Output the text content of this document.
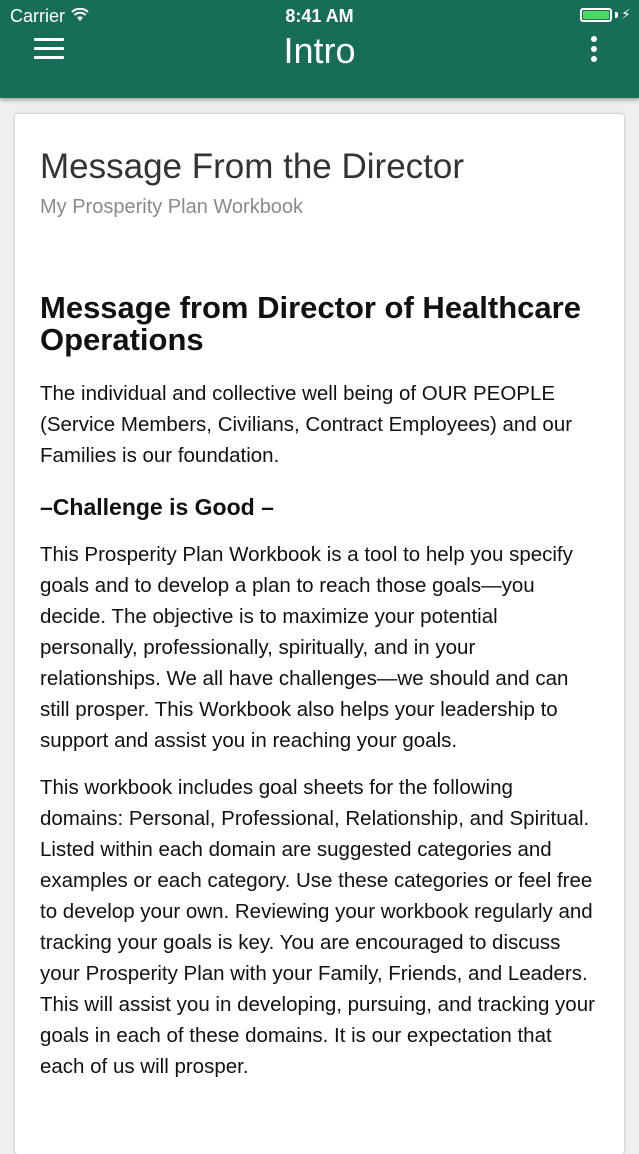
Carrier	8:41 AM	⚡︎
Intro
Message From the Director
My Prosperity Plan Workbook
Message from Director of Healthcare Operations

The individual and collective well being of OUR PEOPLE (Service Members, Civilians, Contract Employees) and our Families is our foundation.

–Challenge is Good –

This Prosperity Plan Workbook is a tool to help you specify goals and to develop a plan to reach those goals—you decide. The objective is to maximize your potential personally, professionally, spiritually, and in your relationships. We all have challenges—we should and can still prosper. This Workbook also helps your leadership to support and assist you in reaching your goals.

This workbook includes goal sheets for the following domains: Personal, Professional, Relationship, and Spiritual. Listed within each domain are suggested categories and examples or each category. Use these categories or feel free to develop your own. Reviewing your workbook regularly and tracking your goals is key. You are encouraged to discuss your Prosperity Plan with your Family, Friends, and Leaders. This will assist you in developing, pursuing, and tracking your goals in each of these domains. It is our expectation that each of us will prosper.
